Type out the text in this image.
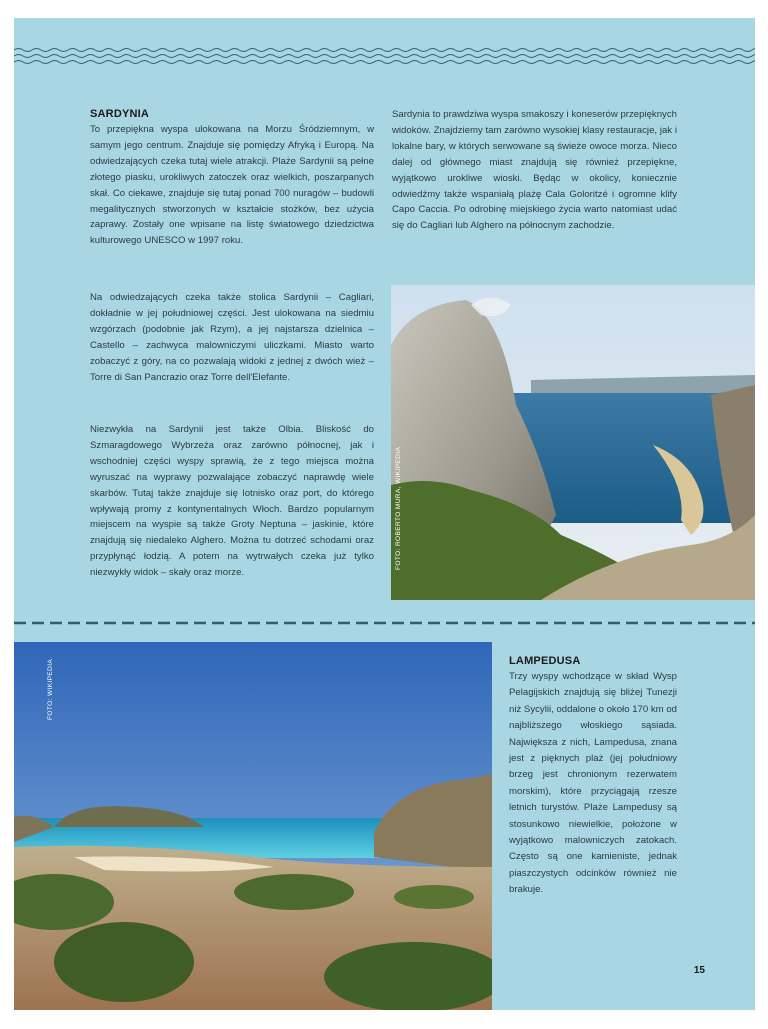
SARDYNIA

To przepiękna wyspa ulokowana na Morzu Śródziemnym, w samym jego centrum. Znajduje się pomiędzy Afryką i Europą. Na odwiedzających czeka tutaj wiele atrakcji. Plaże Sardynii są pełne złotego piasku, urokliwych zatoczek oraz wielkich, poszarpanych skał. Co ciekawe, znajduje się tutaj ponad 700 nuragów – budowli megalitycznych stworzonych w kształcie stożków, bez użycia zaprawy. Zostały one wpisane na listę światowego dziedzictwa kulturowego UNESCO w 1997 roku.

Na odwiedzających czeka także stolica Sardynii – Cagliari, dokładnie w jej południowej części. Jest ulokowana na siedmiu wzgórzach (podobnie jak Rzym), a jej najstarsza dzielnica – Castello – zachwyca malowniczymi uliczkami. Miasto warto zobaczyć z góry, na co pozwalają widoki z jednej z dwóch wież – Torre di San Pancrazio oraz Torre dell'Elefante.

Niezwykła na Sardynii jest także Olbia. Bliskość do Szmaragdowego Wybrzeża oraz zarówno północnej, jak i wschodniej części wyspy sprawią, że z tego miejsca można wyruszać na wyprawy pozwalające zobaczyć naprawdę wiele skarbów. Tutaj także znajduje się lotnisko oraz port, do którego wpływają promy z kontynentalnych Włoch. Bardzo popularnym miejscem na wyspie są także Groty Neptuna – jaskinie, które znajdują się niedaleko Alghero. Można tu dotrzeć schodami oraz przypłynąć łodzią. A potem na wytrwałych czeka już tylko niezwykły widok – skały oraz morze.

Sardynia to prawdziwa wyspa smakoszy i koneserów przepięknych widoków. Znajdziemy tam zarówno wysokiej klasy restauracje, jak i lokalne bary, w których serwowane są świeże owoce morza. Nieco dalej od głównego miast znajdują się również przepiękne, wyjątkowo urokliwe wioski. Będąc w okolicy, koniecznie odwiedźmy także wspaniałą plażę Cala Goloritzé i ogromne klify Capo Caccia. Po odrobinę miejskiego życia warto natomiast udać się do Cagliari lub Alghero na północnym zachodzie.

FOTO: ROBERTO MURA, WIKIPEDIA
FOTO: WIKIPEDIA	LAMPEDUSA

Trzy wyspy wchodzące w skład Wysp Pelagijskich znajdują się bliżej Tunezji niż Sycylii, oddalone o około 170 km od najbliższego włoskiego sąsiada. Największa z nich, Lampedusa, znana jest z pięknych plaż (jej południowy brzeg jest chronionym rezerwatem morskim), które przyciągają rzesze letnich turystów. Plaże Lampedusy są stosunkowo niewielkie, położone w wyjątkowo malowniczych zatokach. Często są one kamieniste, jednak piaszczystych odcinków również nie brakuje.

15
